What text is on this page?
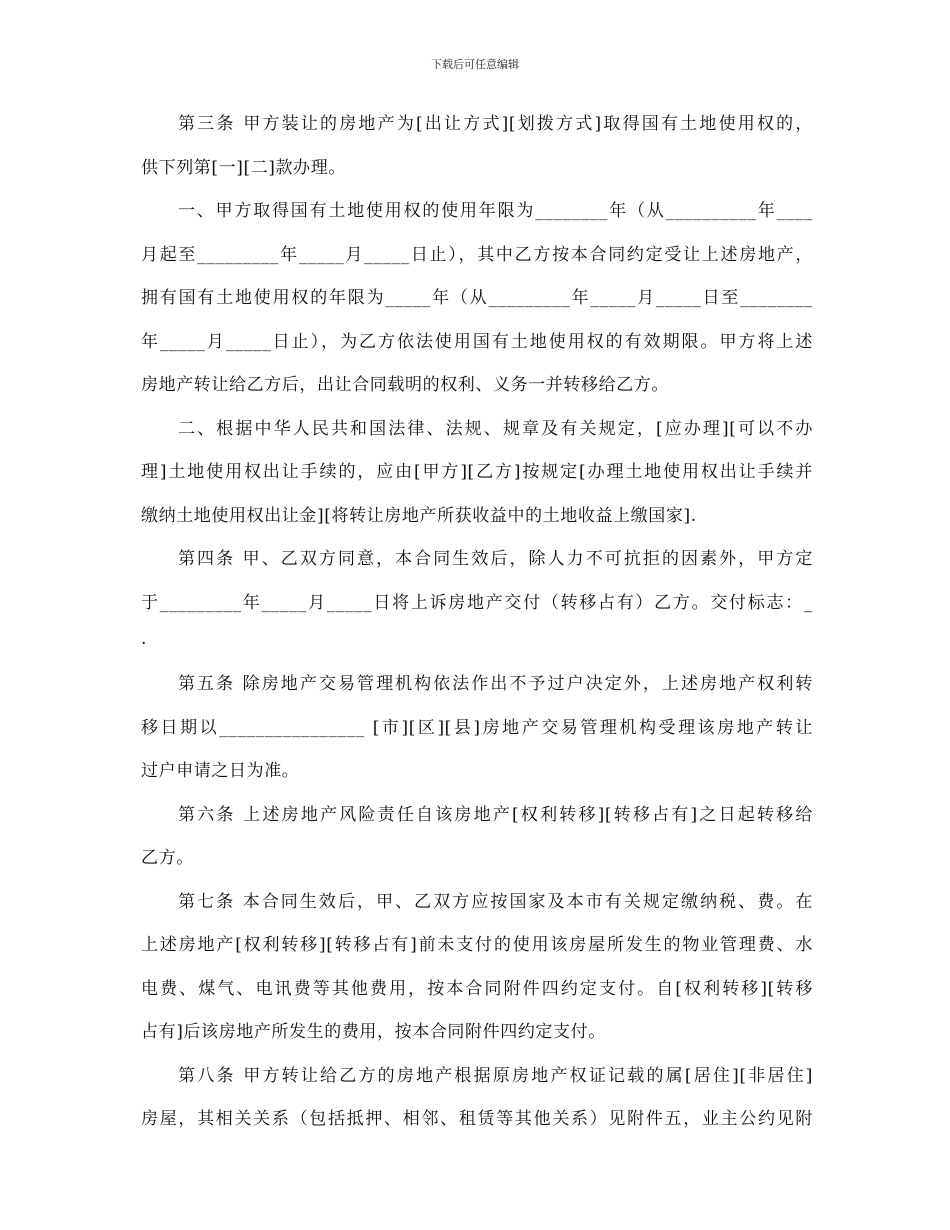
下载后可任意编辑
第三条 甲方装让的房地产为[出让方式][划拨方式]取得国有土地使用权的，
供下列第[一][二]款办理。
一、甲方取得国有土地使用权的使用年限为________年（从__________年____
月起至_________年_____月_____日止），其中乙方按本合同约定受让上述房地产，
拥有国有土地使用权的年限为_____年（从_________年_____月_____日至________
年_____月_____日止），为乙方依法使用国有土地使用权的有效期限。甲方将上述
房地产转让给乙方后，出让合同载明的权利、义务一并转移给乙方。
二、根据中华人民共和国法律、法规、规章及有关规定，[应办理][可以不办
理]土地使用权出让手续的，应由[甲方][乙方]按规定[办理土地使用权出让手续并
缴纳土地使用权出让金][将转让房地产所获收益中的土地收益上缴国家].
第四条 甲、乙双方同意，本合同生效后，除人力不可抗拒的因素外，甲方定
于_________年_____月_____日将上诉房地产交付（转移占有）乙方。交付标志：_
.
第五条 除房地产交易管理机构依法作出不予过户决定外，上述房地产权利转
移日期以________________ [市][区][县]房地产交易管理机构受理该房地产转让
过户申请之日为准。
第六条 上述房地产风险责任自该房地产[权利转移][转移占有]之日起转移给
乙方。
第七条 本合同生效后，甲、乙双方应按国家及本市有关规定缴纳税、费。在
上述房地产[权利转移][转移占有]前未支付的使用该房屋所发生的物业管理费、水
电费、煤气、电讯费等其他费用，按本合同附件四约定支付。自[权利转移][转移
占有]后该房地产所发生的费用，按本合同附件四约定支付。
第八条 甲方转让给乙方的房地产根据原房地产权证记载的属[居住][非居住]
房屋，其相关关系（包括抵押、相邻、租赁等其他关系）见附件五，业主公约见附
